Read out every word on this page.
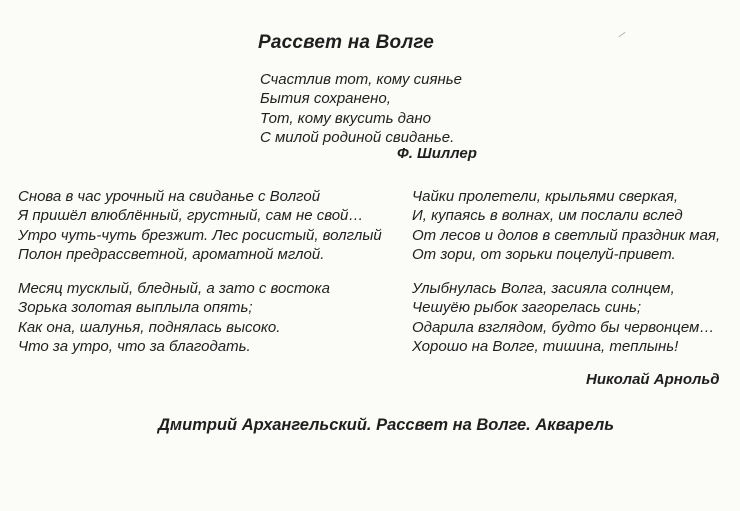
Рассвет на Волге
Счастлив тот, кому сиянье
Бытия сохранено,
Тот, кому вкусить дано
С милой родиной свиданье.
Ф. Шиллер
Снова в час урочный на свиданье с Волгой
Я пришёл влюблённый, грустный, сам не свой…
Утро чуть-чуть брезжит. Лес росистый, волглый
Полон предрассветной, ароматной мглой.
Месяц тусклый, бледный, а зато с востока
Зорька золотая выплыла опять;
Как она, шалунья, поднялась высоко.
Что за утро, что за благодать.
Чайки пролетели, крыльями сверкая,
И, купаясь в волнах, им послали вслед
От лесов и долов в светлый праздник мая,
От зори, от зорьки поцелуй-привет.
Улыбнулась Волга, засияла солнцем,
Чешуёю рыбок загорелась синь;
Одарила взглядом, будто бы червонцем…
Хорошо на Волге, тишина, теплынь!
Николай Арнольд
Дмитрий Архангельский. Рассвет на Волге. Акварель
